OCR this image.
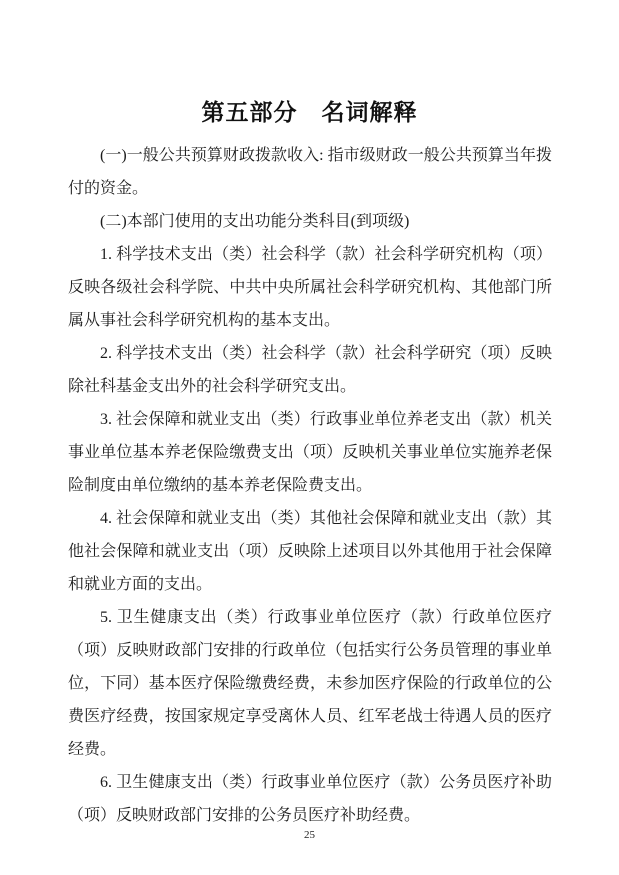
第五部分　名词解释

(一)一般公共预算财政拨款收入: 指市级财政一般公共预算当年拨付的资金。

(二)本部门使用的支出功能分类科目(到项级)

1. 科学技术支出（类）社会科学（款）社会科学研究机构（项）反映各级社会科学院、中共中央所属社会科学研究机构、其他部门所属从事社会科学研究机构的基本支出。

2. 科学技术支出（类）社会科学（款）社会科学研究（项）反映除社科基金支出外的社会科学研究支出。

3. 社会保障和就业支出（类）行政事业单位养老支出（款）机关事业单位基本养老保险缴费支出（项）反映机关事业单位实施养老保险制度由单位缴纳的基本养老保险费支出。

4. 社会保障和就业支出（类）其他社会保障和就业支出（款）其他社会保障和就业支出（项）反映除上述项目以外其他用于社会保障和就业方面的支出。

5. 卫生健康支出（类）行政事业单位医疗（款）行政单位医疗（项）反映财政部门安排的行政单位（包括实行公务员管理的事业单位，下同）基本医疗保险缴费经费，未参加医疗保险的行政单位的公费医疗经费，按国家规定享受离休人员、红军老战士待遇人员的医疗经费。

6. 卫生健康支出（类）行政事业单位医疗（款）公务员医疗补助（项）反映财政部门安排的公务员医疗补助经费。

25
